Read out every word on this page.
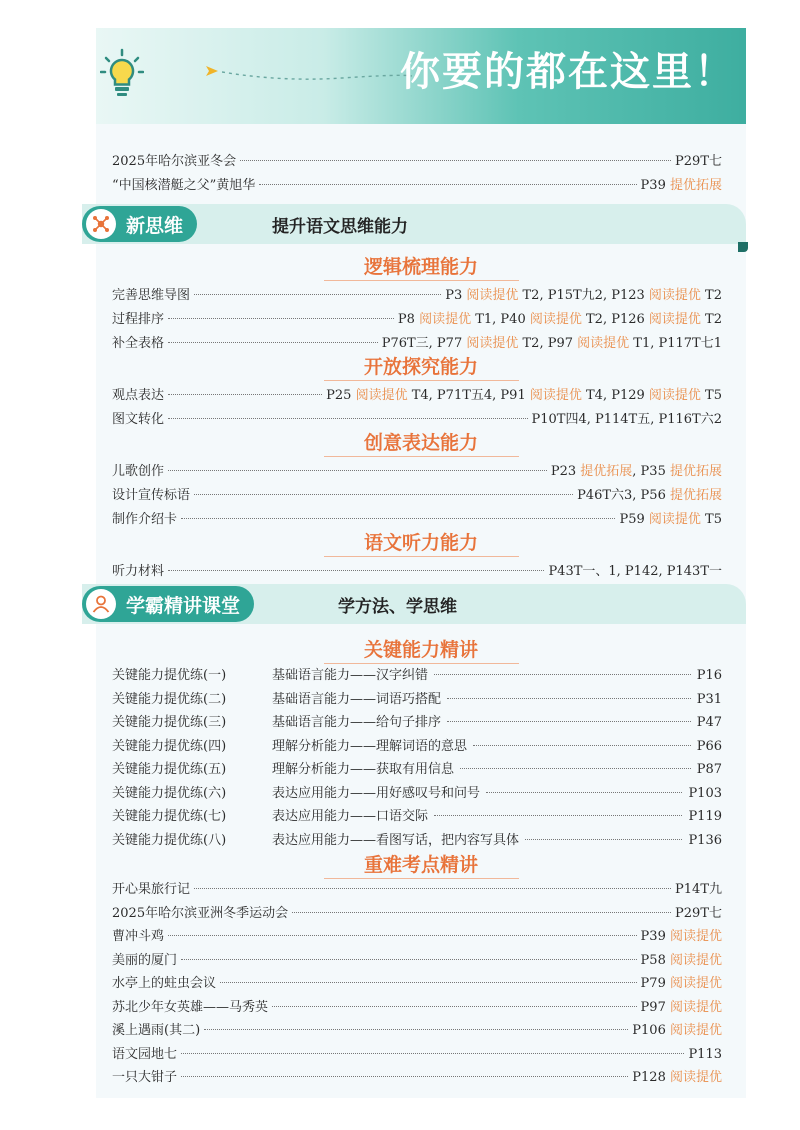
你要的都在这里！
2025年哈尔滨亚冬会	P29T七
“中国核潜艇之父”黄旭华	P39 提优拓展
新思维	提升语文思维能力
逻辑梳理能力
完善思维导图	P3 阅读提优 T2, P15T九2, P123 阅读提优 T2
过程排序	P8 阅读提优 T1, P40 阅读提优 T2, P126 阅读提优 T2
补全表格	P76T三, P77 阅读提优 T2, P97 阅读提优 T1, P117T七1
开放探究能力
观点表达	P25 阅读提优 T4, P71T五4, P91 阅读提优 T4, P129 阅读提优 T5
图文转化	P10T四4, P114T五, P116T六2
创意表达能力
儿歌创作	P23 提优拓展, P35 提优拓展
设计宣传标语	P46T六3, P56 提优拓展
制作介绍卡	P59 阅读提优 T5
语文听力能力
听力材料	P43T一、1, P142, P143T一
学霸精讲课堂	学方法、学思维
关键能力精讲
关键能力提优练(一)	基础语言能力——汉字纠错	P16
关键能力提优练(二)	基础语言能力——词语巧搭配	P31
关键能力提优练(三)	基础语言能力——给句子排序	P47
关键能力提优练(四)	理解分析能力——理解词语的意思	P66
关键能力提优练(五)	理解分析能力——获取有用信息	P87
关键能力提优练(六)	表达应用能力——用好感叹号和问号	P103
关键能力提优练(七)	表达应用能力——口语交际	P119
关键能力提优练(八)	表达应用能力——看图写话，把内容写具体	P136
重难考点精讲
开心果旅行记	P14T九
2025年哈尔滨亚洲冬季运动会	P29T七
曹冲斗鸡	P39 阅读提优
美丽的厦门	P58 阅读提优
水亭上的蛀虫会议	P79 阅读提优
苏北少年女英雄——马秀英	P97 阅读提优
溪上遇雨(其二)	P106 阅读提优
语文园地七	P113
一只大钳子	P128 阅读提优
